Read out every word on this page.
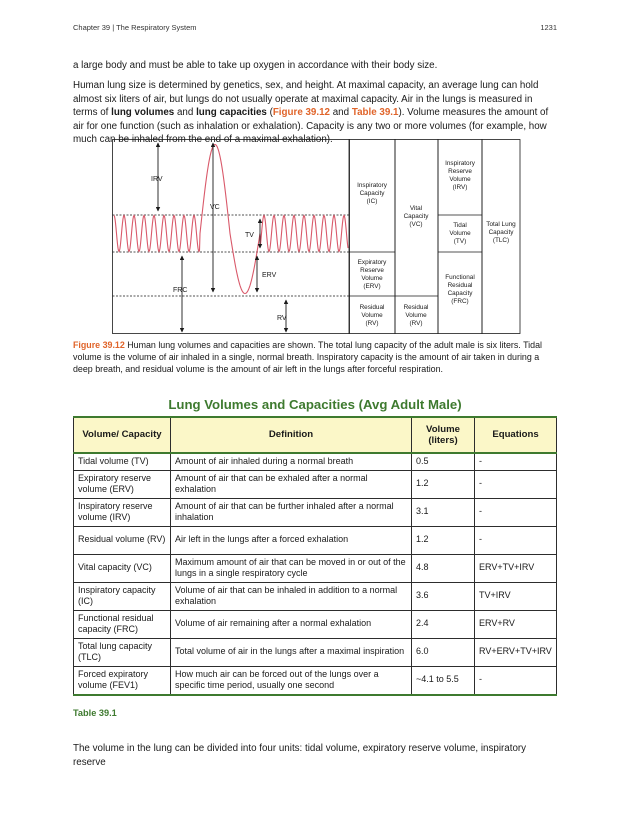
Chapter 39 | The Respiratory System	1231

a large body and must be able to take up oxygen in accordance with their body size.

Human lung size is determined by genetics, sex, and height. At maximal capacity, an average lung can hold almost six liters of air, but lungs do not usually operate at maximal capacity. Air in the lungs is measured in terms of lung volumes and lung capacities (Figure 39.12 and Table 39.1). Volume measures the amount of air for one function (such as inhalation or exhalation). Capacity is any two or more volumes (for example, how much can be inhaled from the end of a maximal exhalation).

IRV
VC
TV
ERV
FRC
RV
Inspiratory Capacity (IC)
Expiratory Reserve Volume (ERV)
Residual Volume (RV)
Vital Capacity (VC)
Residual Volume (RV)
Inspiratory Reserve Volume (IRV)
Tidal Volume (TV)
Functional Residual Capacity (FRC)
Total Lung Capacity (TLC)

Figure 39.12 Human lung volumes and capacities are shown. The total lung capacity of the adult male is six liters. Tidal volume is the volume of air inhaled in a single, normal breath. Inspiratory capacity is the amount of air taken in during a deep breath, and residual volume is the amount of air left in the lungs after forceful respiration.

Lung Volumes and Capacities (Avg Adult Male)
Volume/ Capacity	Definition	Volume (liters)	Equations
Tidal volume (TV)	Amount of air inhaled during a normal breath	0.5	-
Expiratory reserve volume (ERV)	Amount of air that can be exhaled after a normal exhalation	1.2	-
Inspiratory reserve volume (IRV)	Amount of air that can be further inhaled after a normal inhalation	3.1	-
Residual volume (RV)	Air left in the lungs after a forced exhalation	1.2	-
Vital capacity (VC)	Maximum amount of air that can be moved in or out of the lungs in a single respiratory cycle	4.8	ERV+TV+IRV
Inspiratory capacity (IC)	Volume of air that can be inhaled in addition to a normal exhalation	3.6	TV+IRV
Functional residual capacity (FRC)	Volume of air remaining after a normal exhalation	2.4	ERV+RV
Total lung capacity (TLC)	Total volume of air in the lungs after a maximal inspiration	6.0	RV+ERV+TV+IRV
Forced expiratory volume (FEV1)	How much air can be forced out of the lungs over a specific time period, usually one second	~4.1 to 5.5	-
Table 39.1

The volume in the lung can be divided into four units: tidal volume, expiratory reserve volume, inspiratory reserve
